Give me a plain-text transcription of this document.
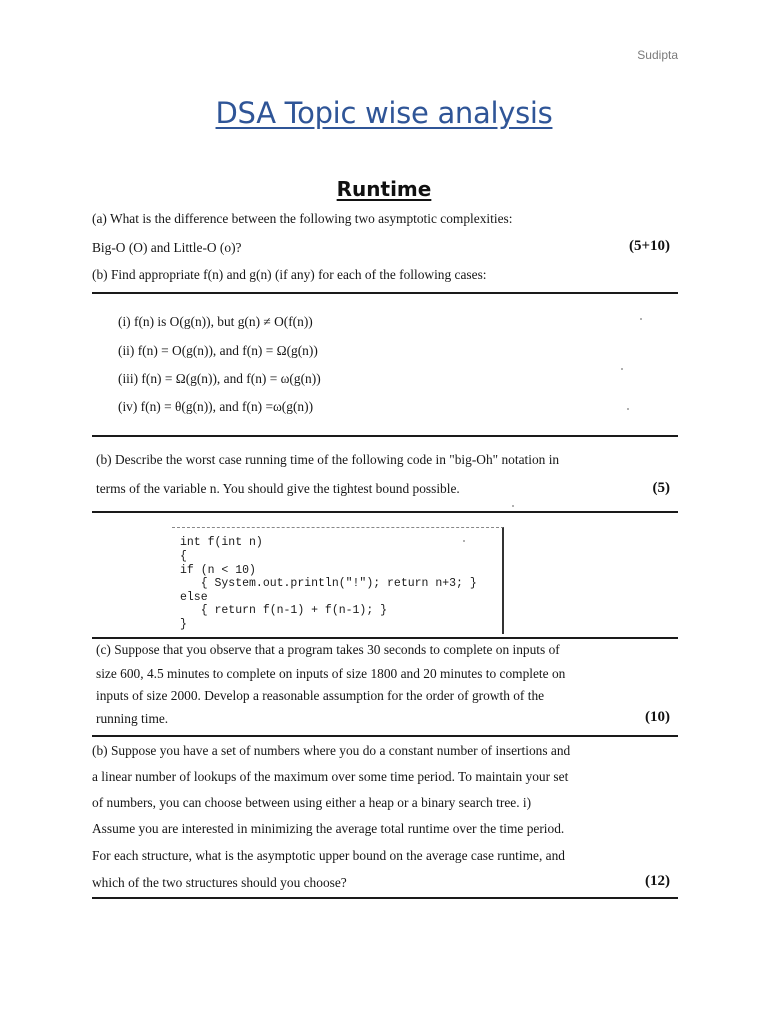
Sudipta
DSA Topic wise analysis
Runtime
(a) What is the difference between the following two asymptotic complexities:
Big-O (O) and Little-O (o)?
(b) Find appropriate f(n) and g(n) (if any) for each of the following cases:
(5+10)
(i) f(n) is O(g(n)), but g(n) ≠ O(f(n))
(ii) f(n) = O(g(n)), and f(n) = Ω(g(n))
(iii) f(n) = Ω(g(n)), and f(n) = ω(g(n))
(iv) f(n) = θ(g(n)), and f(n) =ω(g(n))
(b) Describe the worst case running time of the following code in "big-Oh" notation in
terms of the variable n. You should give the tightest bound possible.	(5)
int f(int n)
{
if (n < 10)
{ System.out.println("!"); return n+3; }
else
{ return f(n-1) + f(n-1); }
}
(c) Suppose that you observe that a program takes 30 seconds to complete on inputs of
size 600, 4.5 minutes to complete on inputs of size 1800 and 20 minutes to complete on
inputs of size 2000. Develop a reasonable assumption for the order of growth of the
running time.	(10)
(b) Suppose you have a set of numbers where you do a constant number of insertions and
a linear number of lookups of the maximum over some time period. To maintain your set
of numbers, you can choose between using either a heap or a binary search tree. i)
Assume you are interested in minimizing the average total runtime over the time period.
For each structure, what is the asymptotic upper bound on the average case runtime, and
which of the two structures should you choose?	(12)
